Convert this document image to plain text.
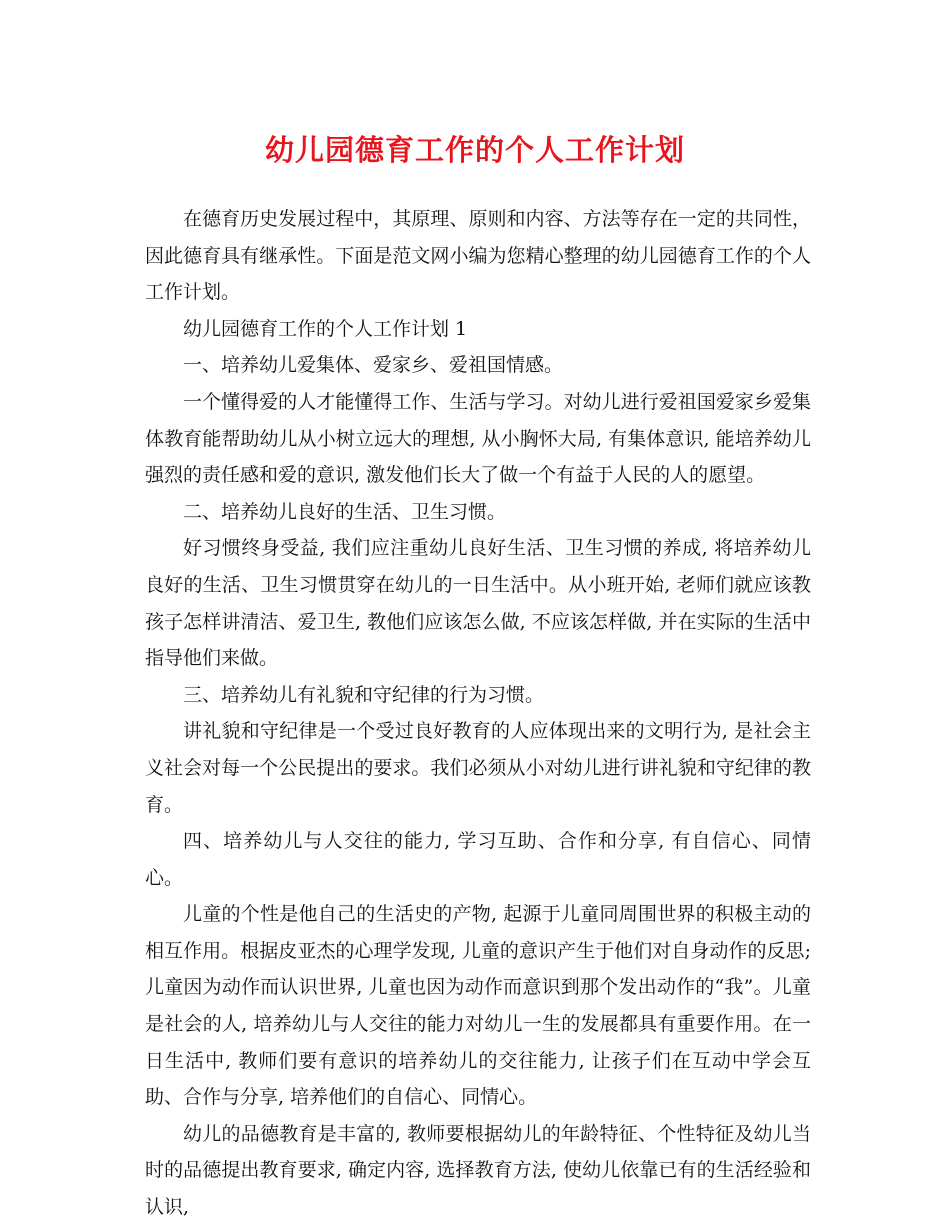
幼儿园德育工作的个人工作计划

在德育历史发展过程中，其原理、原则和内容、方法等存在一定的共同性，因此德育具有继承性。下面是范文网小编为您精心整理的幼儿园德育工作的个人工作计划。

幼儿园德育工作的个人工作计划 1

一、培养幼儿爱集体、爱家乡、爱祖国情感。

一个懂得爱的人才能懂得工作、生活与学习。对幼儿进行爱祖国爱家乡爱集体教育能帮助幼儿从小树立远大的理想, 从小胸怀大局, 有集体意识, 能培养幼儿强烈的责任感和爱的意识, 激发他们长大了做一个有益于人民的人的愿望。

二、培养幼儿良好的生活、卫生习惯。

好习惯终身受益, 我们应注重幼儿良好生活、卫生习惯的养成, 将培养幼儿良好的生活、卫生习惯贯穿在幼儿的一日生活中。从小班开始, 老师们就应该教孩子怎样讲清洁、爱卫生, 教他们应该怎么做, 不应该怎样做, 并在实际的生活中指导他们来做。

三、培养幼儿有礼貌和守纪律的行为习惯。

讲礼貌和守纪律是一个受过良好教育的人应体现出来的文明行为, 是社会主义社会对每一个公民提出的要求。我们必须从小对幼儿进行讲礼貌和守纪律的教育。

四、培养幼儿与人交往的能力, 学习互助、合作和分享, 有自信心、同情心。

儿童的个性是他自己的生活史的产物, 起源于儿童同周围世界的积极主动的相互作用。根据皮亚杰的心理学发现, 儿童的意识产生于他们对自身动作的反思; 儿童因为动作而认识世界, 儿童也因为动作而意识到那个发出动作的“我”。儿童是社会的人, 培养幼儿与人交往的能力对幼儿一生的发展都具有重要作用。在一日生活中, 教师们要有意识的培养幼儿的交往能力, 让孩子们在互动中学会互助、合作与分享, 培养他们的自信心、同情心。

幼儿的品德教育是丰富的, 教师要根据幼儿的年龄特征、个性特征及幼儿当时的品德提出教育要求, 确定内容, 选择教育方法, 使幼儿依靠已有的生活经验和认识,
